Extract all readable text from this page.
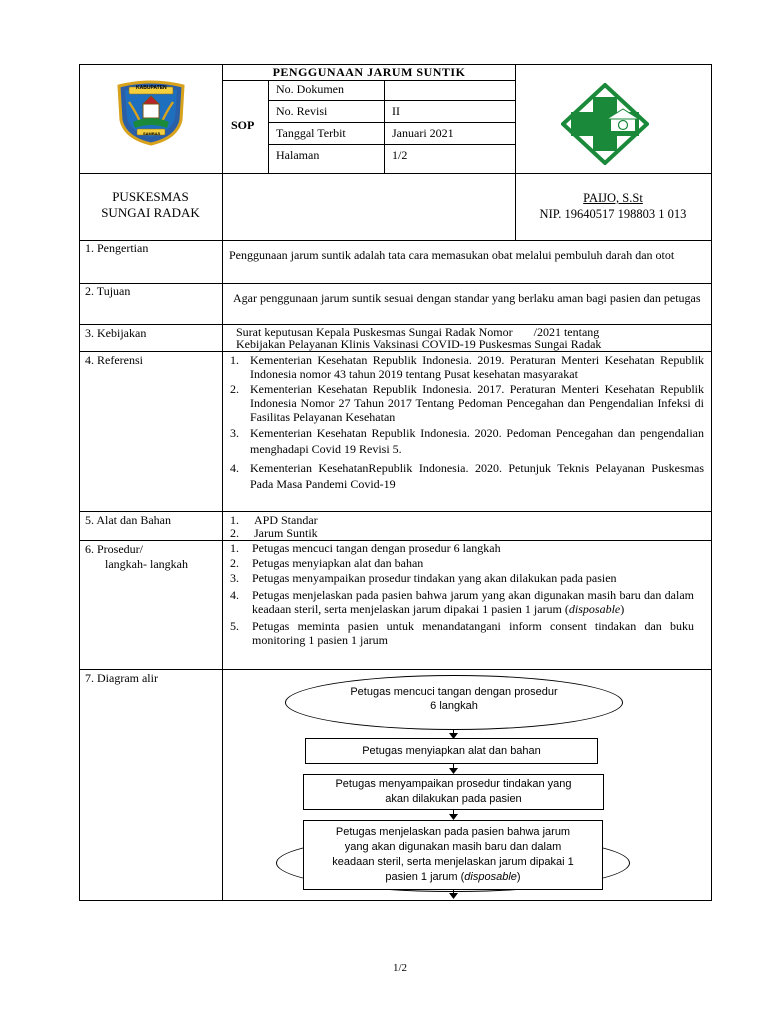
KABUPATEN
SAMBAS
PENGGUNAAN JARUM SUNTIK
SOP
No. Dokumen
No. Revisi	II
Tanggal Terbit	Januari 2021
Halaman	1/2
PUSKESMAS
SUNGAI RADAK
PAIJO, S.St
NIP. 19640517 198803 1 013
1. Pengertian	Penggunaan jarum suntik adalah tata cara memasukan obat melalui pembuluh darah dan otot
2. Tujuan	Agar penggunaan jarum suntik sesuai dengan standar yang berlaku aman bagi pasien dan petugas
3. Kebijakan	Surat keputusan Kepala Puskesmas Sungai Radak Nomor       /2021 tentang
Kebijakan Pelayanan Klinis Vaksinasi COVID-19 Puskesmas Sungai Radak
4. Referensi	1. Kementerian Kesehatan Republik Indonesia. 2019. Peraturan Menteri Kesehatan Republik Indonesia nomor 43 tahun 2019 tentang Pusat kesehatan masyarakat
2. Kementerian Kesehatan Republik Indonesia. 2017. Peraturan Menteri Kesehatan Republik Indonesia Nomor 27 Tahun 2017 Tentang Pedoman Pencegahan dan Pengendalian Infeksi di Fasilitas Pelayanan Kesehatan
3. Kementerian Kesehatan Republik Indonesia. 2020. Pedoman Pencegahan dan pengendalian menghadapi Covid 19 Revisi 5.
4. Kementerian KesehatanRepublik Indonesia. 2020. Petunjuk Teknis Pelayanan Puskesmas Pada Masa Pandemi Covid-19
5. Alat dan Bahan	1. APD Standar
2. Jarum Suntik
6. Prosedur/
langkah- langkah
1. Petugas mencuci tangan dengan prosedur 6 langkah
2. Petugas menyiapkan alat dan bahan
3. Petugas menyampaikan prosedur tindakan yang akan dilakukan pada pasien
4. Petugas menjelaskan pada pasien bahwa jarum yang akan digunakan masih baru dan dalam keadaan steril, serta menjelaskan jarum dipakai 1 pasien 1 jarum (disposable)
5. Petugas meminta pasien untuk menandatangani inform consent tindakan dan buku monitoring 1 pasien 1 jarum
7. Diagram alir
Petugas mencuci tangan dengan prosedur
6 langkah
Petugas menyiapkan alat dan bahan
Petugas menyampaikan prosedur tindakan yang
akan dilakukan pada pasien
Petugas menjelaskan pada pasien bahwa jarum
yang akan digunakan masih baru dan dalam
keadaan steril, serta menjelaskan jarum dipakai 1
pasien 1 jarum (disposable)
1/2
